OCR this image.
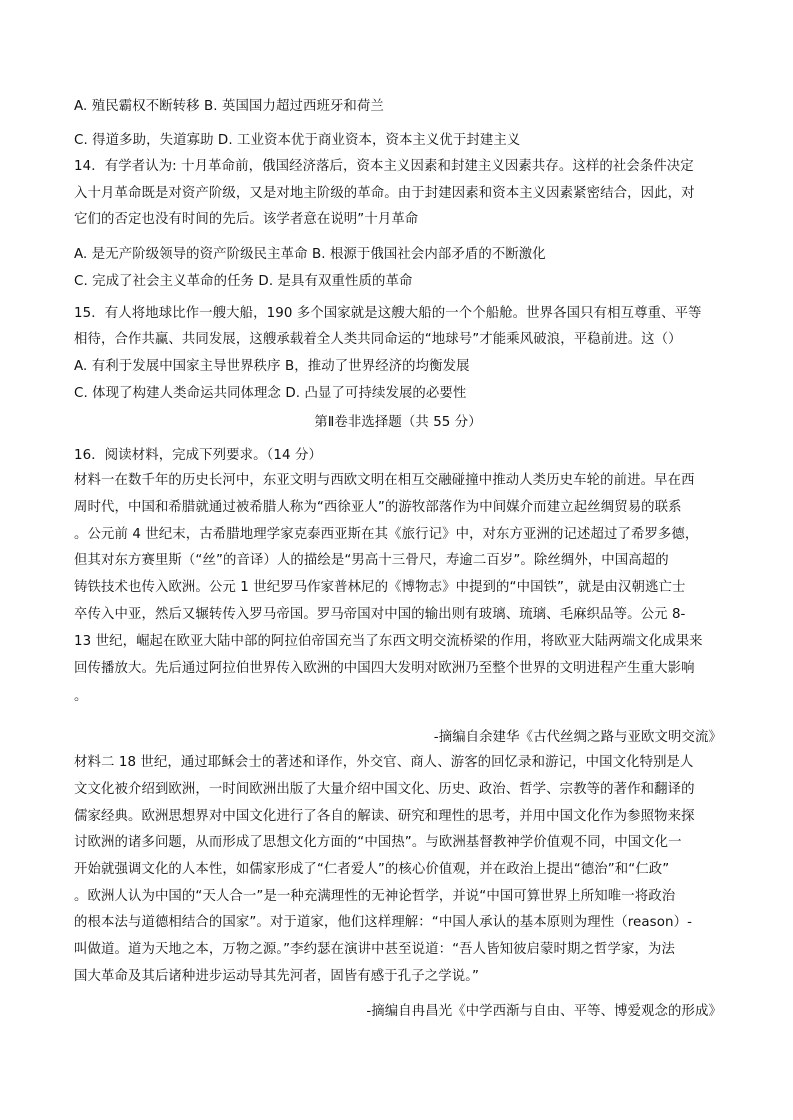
A. 殖民霸权不断转移 B. 英国国力超过西班牙和荷兰
C. 得道多助，失道寡助 D. 工业资本优于商业资本，资本主义优于封建主义
14．有学者认为: 十月革命前，俄国经济落后，资本主义因素和封建主义因素共存。这样的社会条件决定
入十月革命既是对资产阶级，又是对地主阶级的革命。由于封建因素和资本主义因素紧密结合，因此，对
它们的否定也没有时间的先后。该学者意在说明”十月革命
A. 是无产阶级领导的资产阶级民主革命 B. 根源于俄国社会内部矛盾的不断激化
C. 完成了社会主义革命的任务 D. 是具有双重性质的革命
15．有人将地球比作一艘大船，190 多个国家就是这艘大船的一个个船舱。世界各国只有相互尊重、平等
相待，合作共赢、共同发展，这艘承载着全人类共同命运的“地球号”才能乘风破浪，平稳前进。这（）
A. 有利于发展中国家主导世界秩序 B，推动了世界经济的均衡发展
C. 体现了构建人类命运共同体理念 D. 凸显了可持续发展的必要性
第Ⅱ卷非选择题（共 55 分）
16．阅读材料，完成下列要求。（14 分）
材料一在数千年的历史长河中，东亚文明与西欧文明在相互交融碰撞中推动人类历史车轮的前进。早在西
周时代，中国和希腊就通过被希腊人称为“西徐亚人”的游牧部落作为中间媒介而建立起丝绸贸易的联系
。公元前 4 世纪末，古希腊地理学家克泰西亚斯在其《旅行记》中，对东方亚洲的记述超过了希罗多德，
但其对东方赛里斯（“丝”的音译）人的描绘是“男高十三骨尺，寿逾二百岁”。除丝绸外，中国高超的
铸铁技术也传入欧洲。公元 1 世纪罗马作家普林尼的《博物志》中提到的“中国铁”，就是由汉朝逃亡士
卒传入中亚，然后又辗转传入罗马帝国。罗马帝国对中国的输出则有玻璃、琉璃、毛麻织品等。公元 8-
13 世纪，崛起在欧亚大陆中部的阿拉伯帝国充当了东西文明交流桥梁的作用，将欧亚大陆两端文化成果来
回传播放大。先后通过阿拉伯世界传入欧洲的中国四大发明对欧洲乃至整个世界的文明进程产生重大影响
。
-摘编自余建华《古代丝绸之路与亚欧文明交流》
材料二 18 世纪，通过耶稣会士的著述和译作，外交官、商人、游客的回忆录和游记，中国文化特别是人
文文化被介绍到欧洲，一时间欧洲出版了大量介绍中国文化、历史、政治、哲学、宗教等的著作和翻译的
儒家经典。欧洲思想界对中国文化进行了各自的解读、研究和理性的思考，并用中国文化作为参照物来探
讨欧洲的诸多问题，从而形成了思想文化方面的“中国热”。与欧洲基督教神学价值观不同，中国文化一
开始就强调文化的人本性，如儒家形成了“仁者爱人”的核心价值观，并在政治上提出“德治”和“仁政”
。欧洲人认为中国的“天人合一”是一种充满理性的无神论哲学，并说“中国可算世界上所知唯一将政治
的根本法与道德相结合的国家”。对于道家，他们这样理解：“中国人承认的基本原则为理性（reason）-
叫做道。道为天地之本，万物之源。”李约瑟在演讲中甚至说道：“吾人皆知彼启蒙时期之哲学家，为法
国大革命及其后诸种进步运动导其先河者，固皆有感于孔子之学说。”
-摘编自冉昌光《中学西渐与自由、平等、博爱观念的形成》
